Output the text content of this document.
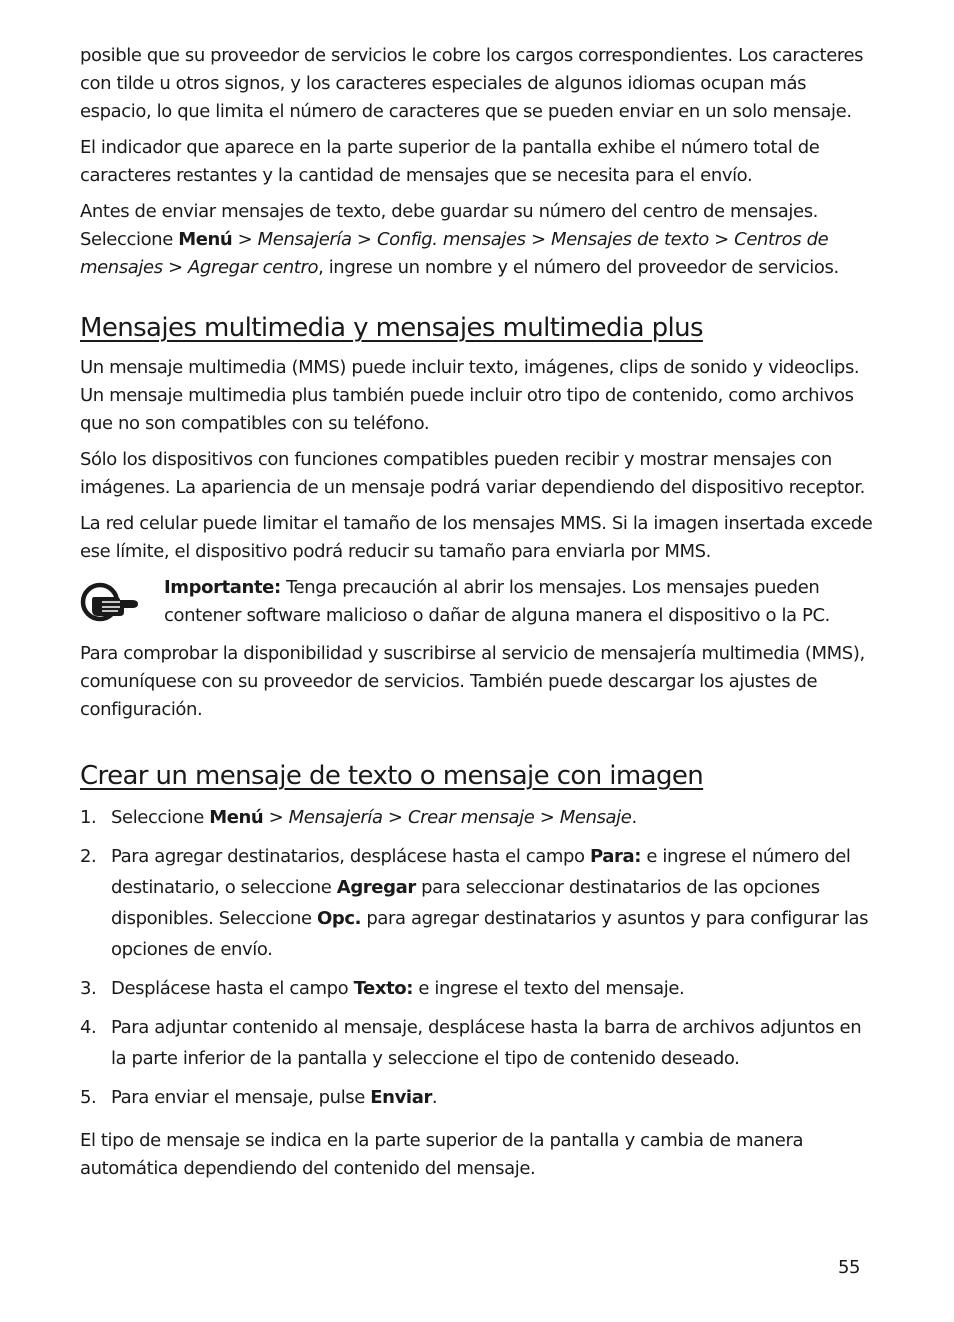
posible que su proveedor de servicios le cobre los cargos correspondientes. Los caracteres con tilde u otros signos, y los caracteres especiales de algunos idiomas ocupan más espacio, lo que limita el número de caracteres que se pueden enviar en un solo mensaje.

El indicador que aparece en la parte superior de la pantalla exhibe el número total de caracteres restantes y la cantidad de mensajes que se necesita para el envío.

Antes de enviar mensajes de texto, debe guardar su número del centro de mensajes. Seleccione Menú > Mensajería > Config. mensajes > Mensajes de texto > Centros de mensajes > Agregar centro, ingrese un nombre y el número del proveedor de servicios.

Mensajes multimedia y mensajes multimedia plus

Un mensaje multimedia (MMS) puede incluir texto, imágenes, clips de sonido y videoclips. Un mensaje multimedia plus también puede incluir otro tipo de contenido, como archivos que no son compatibles con su teléfono.

Sólo los dispositivos con funciones compatibles pueden recibir y mostrar mensajes con imágenes. La apariencia de un mensaje podrá variar dependiendo del dispositivo receptor.

La red celular puede limitar el tamaño de los mensajes MMS. Si la imagen insertada excede ese límite, el dispositivo podrá reducir su tamaño para enviarla por MMS.

Importante: Tenga precaución al abrir los mensajes. Los mensajes pueden contener software malicioso o dañar de alguna manera el dispositivo o la PC.

Para comprobar la disponibilidad y suscribirse al servicio de mensajería multimedia (MMS), comuníquese con su proveedor de servicios. También puede descargar los ajustes de configuración.

Crear un mensaje de texto o mensaje con imagen
1. Seleccione Menú > Mensajería > Crear mensaje > Mensaje.
2. Para agregar destinatarios, desplácese hasta el campo Para: e ingrese el número del destinatario, o seleccione Agregar para seleccionar destinatarios de las opciones disponibles. Seleccione Opc. para agregar destinatarios y asuntos y para configurar las opciones de envío.
3. Desplácese hasta el campo Texto: e ingrese el texto del mensaje.
4. Para adjuntar contenido al mensaje, desplácese hasta la barra de archivos adjuntos en la parte inferior de la pantalla y seleccione el tipo de contenido deseado.
5. Para enviar el mensaje, pulse Enviar.

El tipo de mensaje se indica en la parte superior de la pantalla y cambia de manera automática dependiendo del contenido del mensaje.

55
